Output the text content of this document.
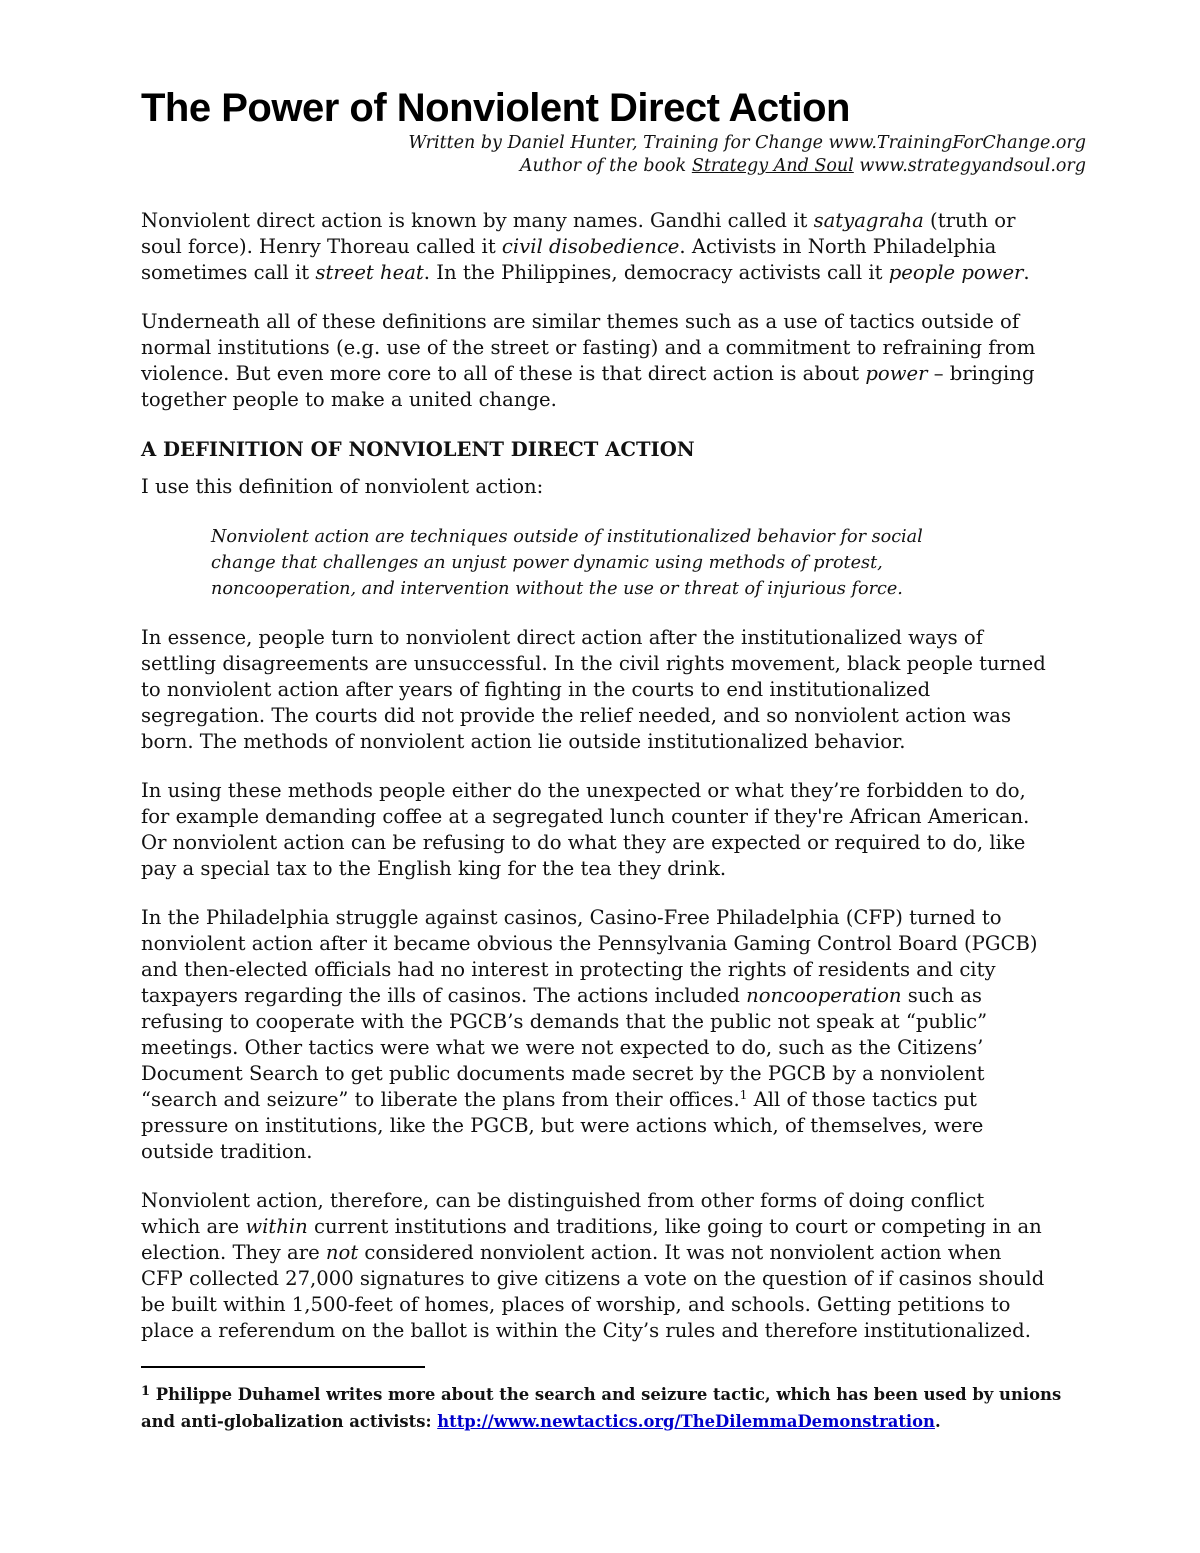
The Power of Nonviolent Direct Action

Written by Daniel Hunter, Training for Change www.TrainingForChange.org
Author of the book Strategy And Soul www.strategyandsoul.org

Nonviolent direct action is known by many names. Gandhi called it satyagraha (truth or
soul force). Henry Thoreau called it civil disobedience. Activists in North Philadelphia
sometimes call it street heat. In the Philippines, democracy activists call it people power.

Underneath all of these definitions are similar themes such as a use of tactics outside of
normal institutions (e.g. use of the street or fasting) and a commitment to refraining from
violence. But even more core to all of these is that direct action is about power – bringing
together people to make a united change.

A DEFINITION OF NONVIOLENT DIRECT ACTION

I use this definition of nonviolent action:

Nonviolent action are techniques outside of institutionalized behavior for social
change that challenges an unjust power dynamic using methods of protest,
noncooperation, and intervention without the use or threat of injurious force.

In essence, people turn to nonviolent direct action after the institutionalized ways of
settling disagreements are unsuccessful. In the civil rights movement, black people turned
to nonviolent action after years of fighting in the courts to end institutionalized
segregation. The courts did not provide the relief needed, and so nonviolent action was
born. The methods of nonviolent action lie outside institutionalized behavior.

In using these methods people either do the unexpected or what they’re forbidden to do,
for example demanding coffee at a segregated lunch counter if they're African American.
Or nonviolent action can be refusing to do what they are expected or required to do, like
pay a special tax to the English king for the tea they drink.

In the Philadelphia struggle against casinos, Casino-Free Philadelphia (CFP) turned to
nonviolent action after it became obvious the Pennsylvania Gaming Control Board (PGCB)
and then-elected officials had no interest in protecting the rights of residents and city
taxpayers regarding the ills of casinos. The actions included noncooperation such as
refusing to cooperate with the PGCB’s demands that the public not speak at “public”
meetings. Other tactics were what we were not expected to do, such as the Citizens’
Document Search to get public documents made secret by the PGCB by a nonviolent
“search and seizure” to liberate the plans from their offices.$^1$ All of those tactics put
pressure on institutions, like the PGCB, but were actions which, of themselves, were
outside tradition.

Nonviolent action, therefore, can be distinguished from other forms of doing conflict
which are within current institutions and traditions, like going to court or competing in an
election. They are not considered nonviolent action. It was not nonviolent action when
CFP collected 27,000 signatures to give citizens a vote on the question of if casinos should
be built within 1,500-feet of homes, places of worship, and schools. Getting petitions to
place a referendum on the ballot is within the City’s rules and therefore institutionalized.

$^1$ Philippe Duhamel writes more about the search and seizure tactic, which has been used by unions
and anti-globalization activists: http://www.newtactics.org/TheDilemmaDemonstration.
